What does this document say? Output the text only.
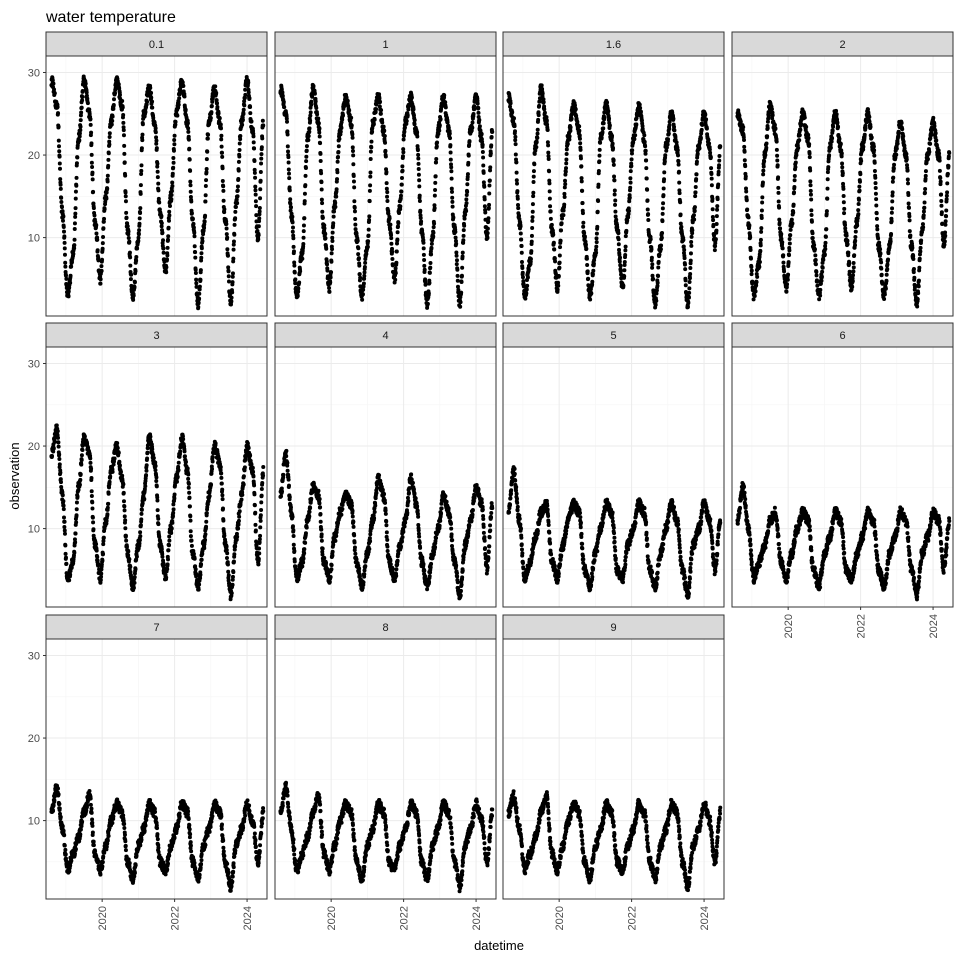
water temperature
datetime
observation
0.1
10
20
30
1	1.6	2
3
10
20
30
4	5	6
2020	2022	2024
7
10
20
30
2020	2022	2024
8
2020	2022	2024
9
2020	2022	2024
